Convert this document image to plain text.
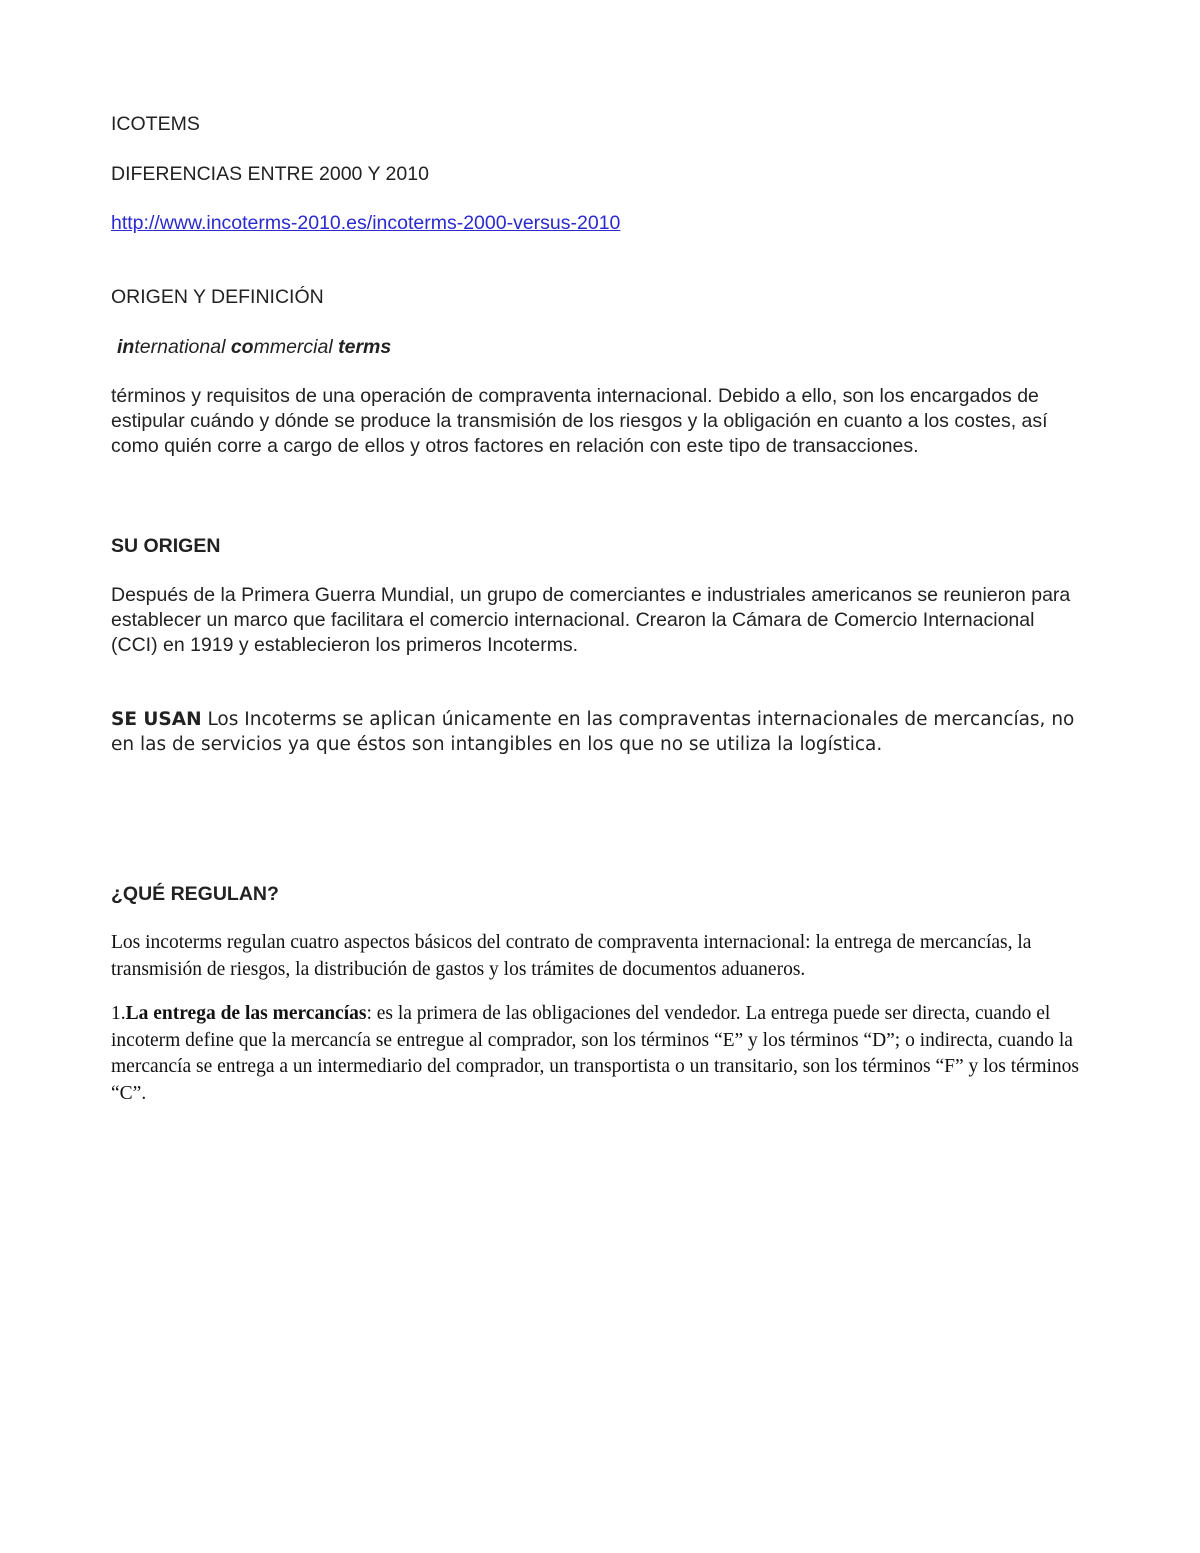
ICOTEMS

DIFERENCIAS ENTRE 2000 Y 2010

http://www.incoterms-2010.es/incoterms-2000-versus-2010

ORIGEN Y DEFINICIÓN

international commercial terms

términos y requisitos de una operación de compraventa internacional. Debido a ello, son los encargados de estipular cuándo y dónde se produce la transmisión de los riesgos y la obligación en cuanto a los costes, así como quién corre a cargo de ellos y otros factores en relación con este tipo de transacciones.

SU ORIGEN

Después de la Primera Guerra Mundial, un grupo de comerciantes e industriales americanos se reunieron para establecer un marco que facilitara el comercio internacional. Crearon la Cámara de Comercio Internacional (CCI) en 1919 y establecieron los primeros Incoterms.

SE USAN Los Incoterms se aplican únicamente en las compraventas internacionales de mercancías, no en las de servicios ya que éstos son intangibles en los que no se utiliza la logística.

¿QUÉ REGULAN?

Los incoterms regulan cuatro aspectos básicos del contrato de compraventa internacional: la entrega de mercancías, la transmisión de riesgos, la distribución de gastos y los trámites de documentos aduaneros.

1.La entrega de las mercancías: es la primera de las obligaciones del vendedor. La entrega puede ser directa, cuando el incoterm define que la mercancía se entregue al comprador, son los términos “E” y los términos “D”; o indirecta, cuando la mercancía se entrega a un intermediario del comprador, un transportista o un transitario, son los términos “F” y los términos “C”.
